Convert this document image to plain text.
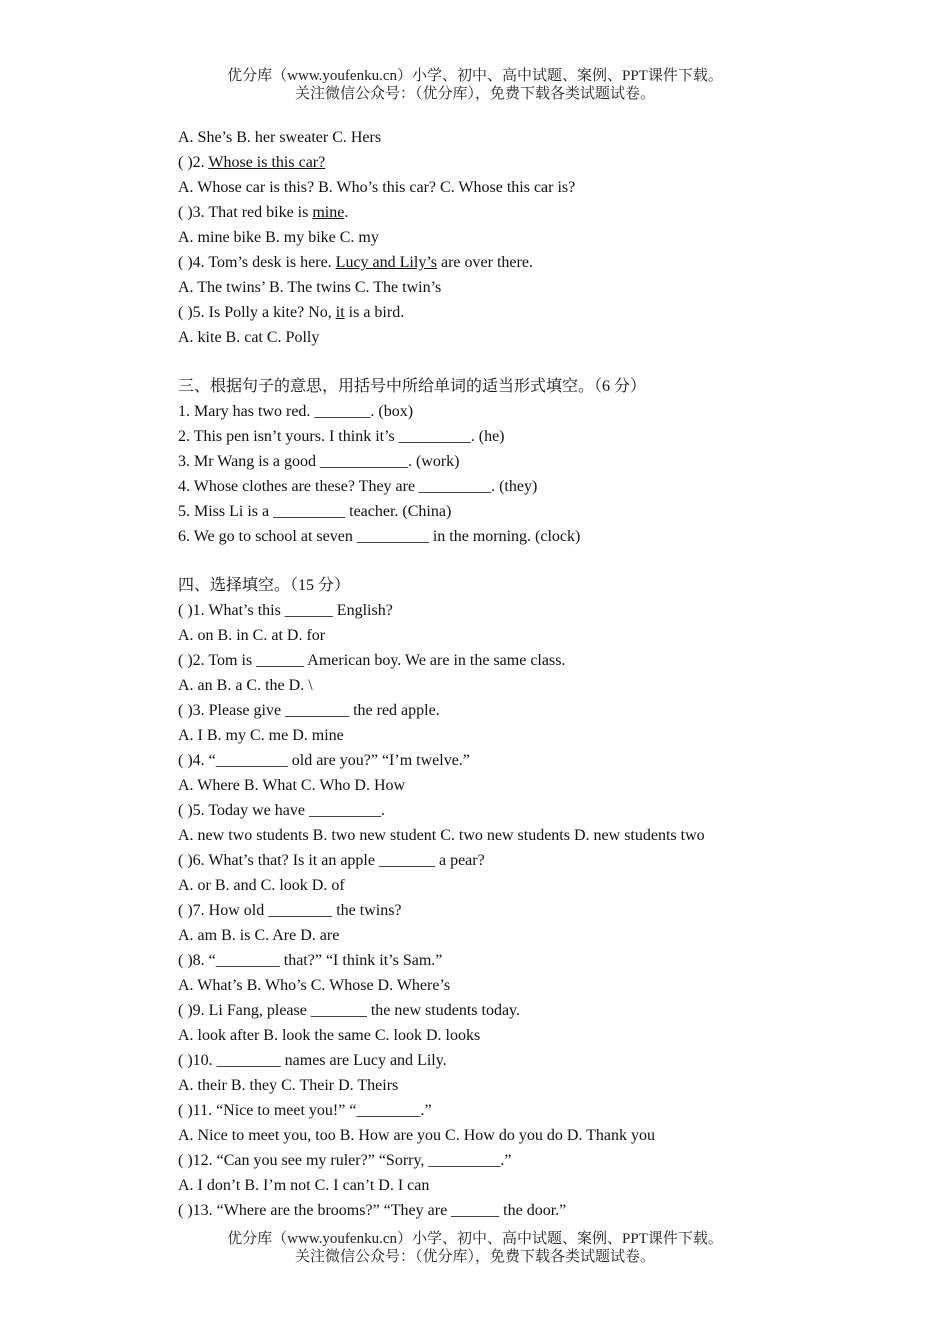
优分库（www.youfenku.cn）小学、初中、高中试题、案例、PPT课件下载。
关注微信公众号：（优分库），免费下载各类试题试卷。
A. She’s B. her sweater C. Hers
( )2. Whose is this car?
A. Whose car is this? B. Who’s this car? C. Whose this car is?
( )3. That red bike is mine.
A. mine bike B. my bike C. my
( )4. Tom’s desk is here. Lucy and Lily’s are over there.
A. The twins’ B. The twins C. The twin’s
( )5. Is Polly a kite? No, it is a bird.
A. kite B. cat C. Polly
三、根据句子的意思，用括号中所给单词的适当形式填空。（6 分）
1. Mary has two red. _______. (box)
2. This pen isn’t yours. I think it’s _________. (he)
3. Mr Wang is a good ___________. (work)
4. Whose clothes are these? They are _________. (they)
5. Miss Li is a _________ teacher. (China)
6. We go to school at seven _________ in the morning. (clock)
四、选择填空。（15 分）
( )1. What’s this ______ English?
A. on B. in C. at D. for
( )2. Tom is ______ American boy. We are in the same class.
A. an B. a C. the D. \
( )3. Please give ________ the red apple.
A. I B. my C. me D. mine
( )4. “_________ old are you?” “I’m twelve.”
A. Where B. What C. Who D. How
( )5. Today we have _________.
A. new two students B. two new student C. two new students D. new students two
( )6. What’s that? Is it an apple _______ a pear?
A. or B. and C. look D. of
( )7. How old ________ the twins?
A. am B. is C. Are D. are
( )8. “________ that?” “I think it’s Sam.”
A. What’s B. Who’s C. Whose D. Where’s
( )9. Li Fang, please _______ the new students today.
A. look after B. look the same C. look D. looks
( )10. ________ names are Lucy and Lily.
A. their B. they C. Their D. Theirs
( )11. “Nice to meet you!” “________.”
A. Nice to meet you, too B. How are you C. How do you do D. Thank you
( )12. “Can you see my ruler?” “Sorry, _________.”
A. I don’t B. I’m not C. I can’t D. I can
( )13. “Where are the brooms?” “They are ______ the door.”
优分库（www.youfenku.cn）小学、初中、高中试题、案例、PPT课件下载。
关注微信公众号：（优分库），免费下载各类试题试卷。
